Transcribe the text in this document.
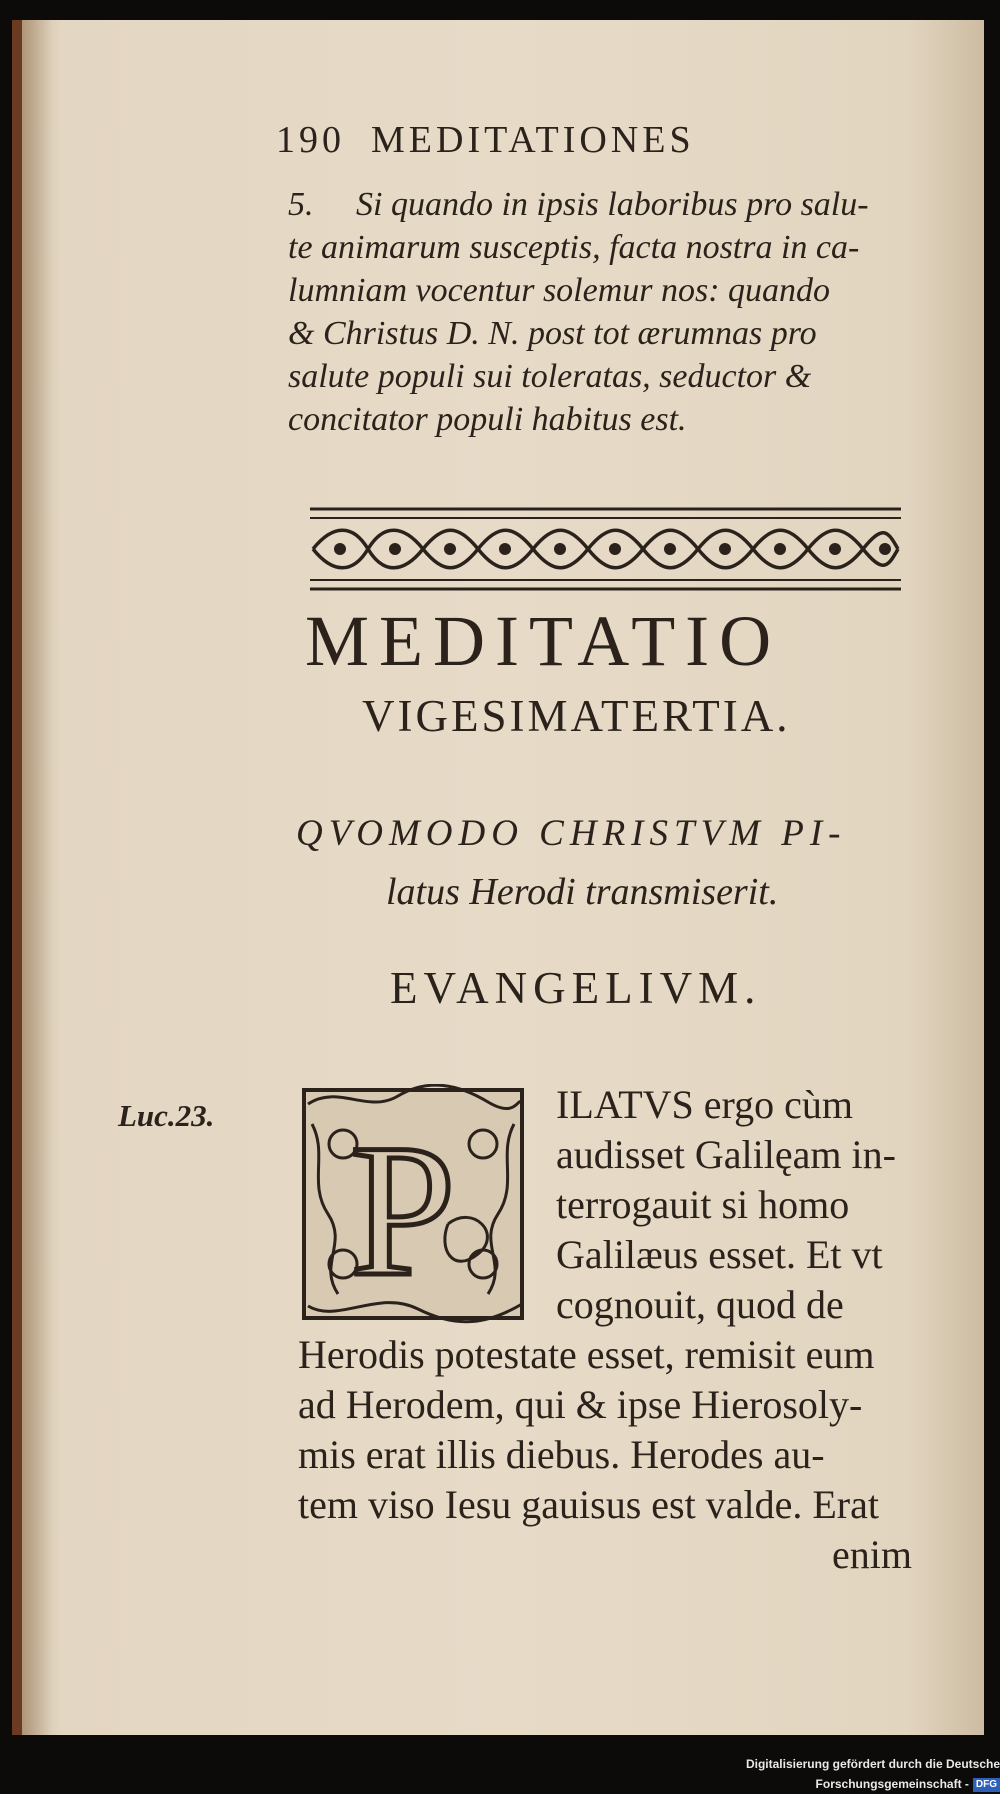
190 MEDITATIONES
5. Si quando in ipsis laboribus pro salu-
te animarum susceptis, facta nostra in ca-
lumniam vocentur solemur nos: quando
& Christus D. N. post tot ærumnas pro
salute populi sui toleratas, seductor &
concitator populi habitus est.
MEDITATIO
VIGESIMATERTIA.
QVOMODO CHRISTVM PI-
latus Herodi transmiserit.
EVANGELIVM.
Luc.23. P
ILATVS ergo cùm
audisset Galilęam in-
terrogauit si homo
Galilæus esset. Et vt
cognouit, quod de
Herodis potestate esset, remisit eum
ad Herodem, qui & ipse Hierosoly-
mis erat illis diebus. Herodes au-
tem viso Iesu gauisus est valde. Erat
enim
Digitalisierung gefördert durch die Deutsche Forschungsgemeinschaft - DFG
